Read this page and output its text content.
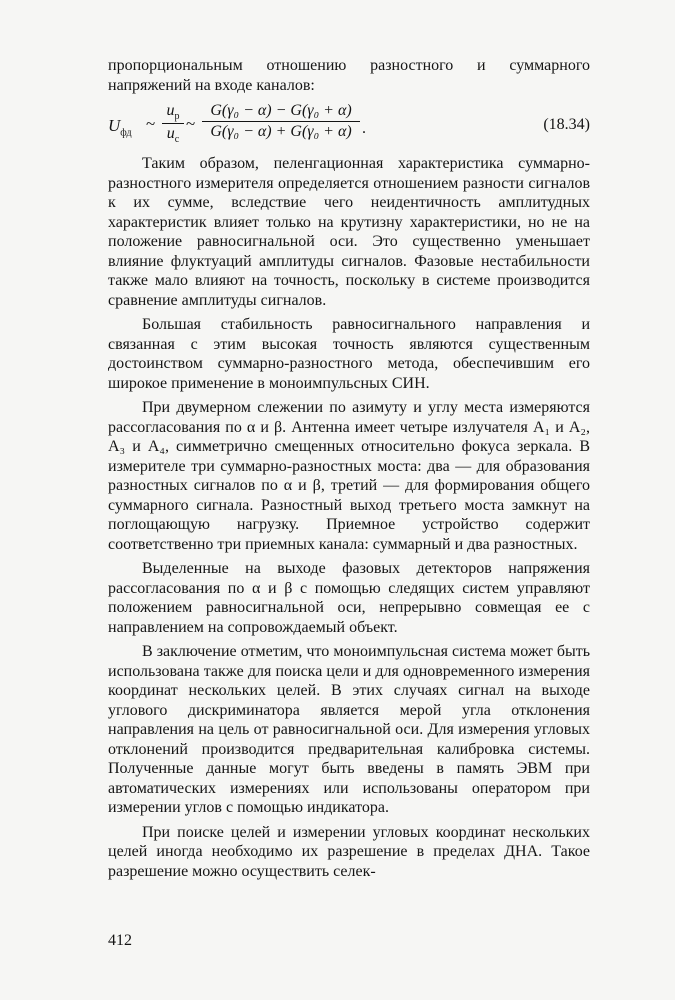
пропорциональным отношению разностного и суммарного напряжений на входе каналов:

$U_{фд}$ ~
$u_р$
$u_с$
~
G(γ₀ − α) − G(γ₀ + α)
G(γ₀ − α) + G(γ₀ + α) .	(18.34)

Таким образом, пеленгационная характеристика суммарно-разностного измерителя определяется отношением разности сигналов к их сумме, вследствие чего неидентичность амплитудных характеристик влияет только на крутизну характеристики, но не на положение равносигнальной оси. Это существенно уменьшает влияние флуктуаций амплитуды сигналов. Фазовые нестабильности также мало влияют на точность, поскольку в системе производится сравнение амплитуды сигналов.

Большая стабильность равносигнального направления и связанная с этим высокая точность являются существенным достоинством суммарно-разностного метода, обеспечившим его широкое применение в моноимпульсных СИН.

При двумерном слежении по азимуту и углу места измеряются рассогласования по α и β. Антенна имеет четыре излучателя A₁ и A₂, A₃ и A₄, симметрично смещенных относительно фокуса зеркала. В измерителе три суммарно-разностных моста: два — для образования разностных сигналов по α и β, третий — для формирования общего суммарного сигнала. Разностный выход третьего моста замкнут на поглощающую нагрузку. Приемное устройство содержит соответственно три приемных канала: суммарный и два разностных.

Выделенные на выходе фазовых детекторов напряжения рассогласования по α и β с помощью следящих систем управляют положением равносигнальной оси, непрерывно совмещая ее с направлением на сопровождаемый объект.

В заключение отметим, что моноимпульсная система может быть использована также для поиска цели и для одновременного измерения координат нескольких целей. В этих случаях сигнал на выходе углового дискриминатора является мерой угла отклонения направления на цель от равносигнальной оси. Для измерения угловых отклонений производится предварительная калибровка системы. Полученные данные могут быть введены в память ЭВМ при автоматических измерениях или использованы оператором при измерении углов с помощью индикатора.

При поиске целей и измерении угловых координат нескольких целей иногда необходимо их разрешение в пределах ДНА. Такое разрешение можно осуществить селек-

412
